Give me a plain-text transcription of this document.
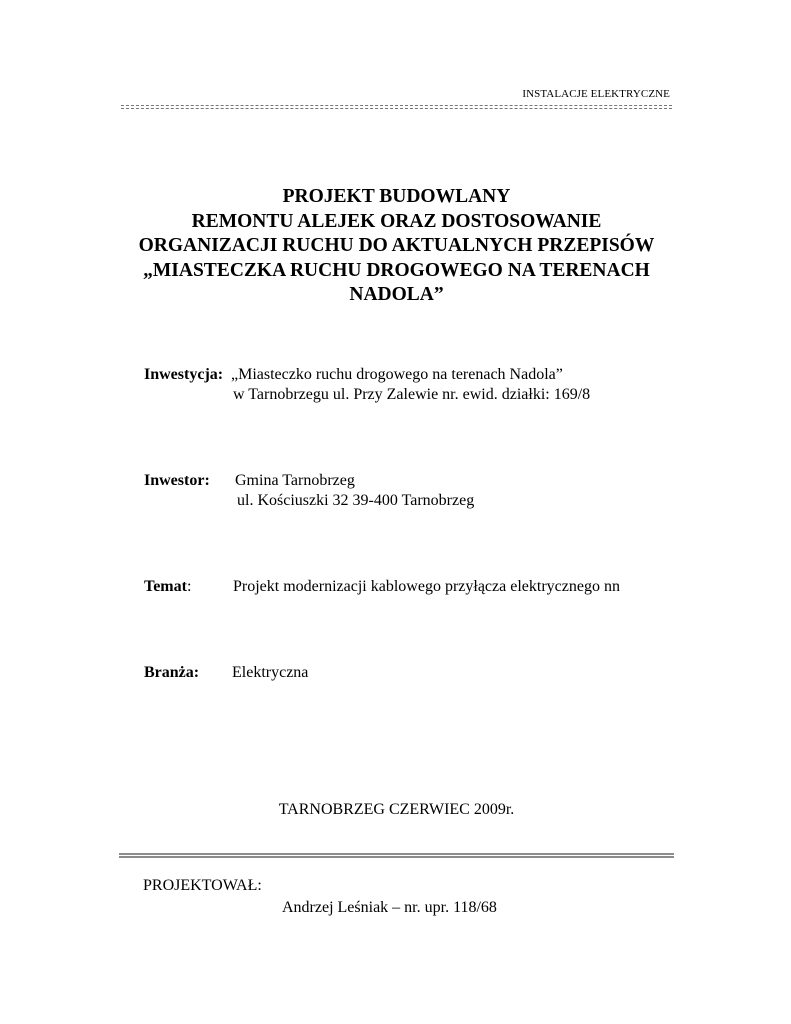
INSTALACJE ELEKTRYCZNE
PROJEKT BUDOWLANY
REMONTU ALEJEK ORAZ DOSTOSOWANIE
ORGANIZACJI RUCHU DO AKTUALNYCH PRZEPISÓW
„MIASTECZKA RUCHU DROGOWEGO NA TERENACH
NADOLA”
Inwestycja: „Miasteczko ruchu drogowego na terenach Nadola”
w Tarnobrzegu ul. Przy Zalewie nr. ewid. działki: 169/8
Inwestor: Gmina Tarnobrzeg
ul. Kościuszki 32 39-400 Tarnobrzeg
Temat:	Projekt modernizacji kablowego przyłącza elektrycznego nn
Branża: Elektryczna
TARNOBRZEG CZERWIEC 2009r.
PROJEKTOWAŁ:
Andrzej Leśniak – nr. upr. 118/68
